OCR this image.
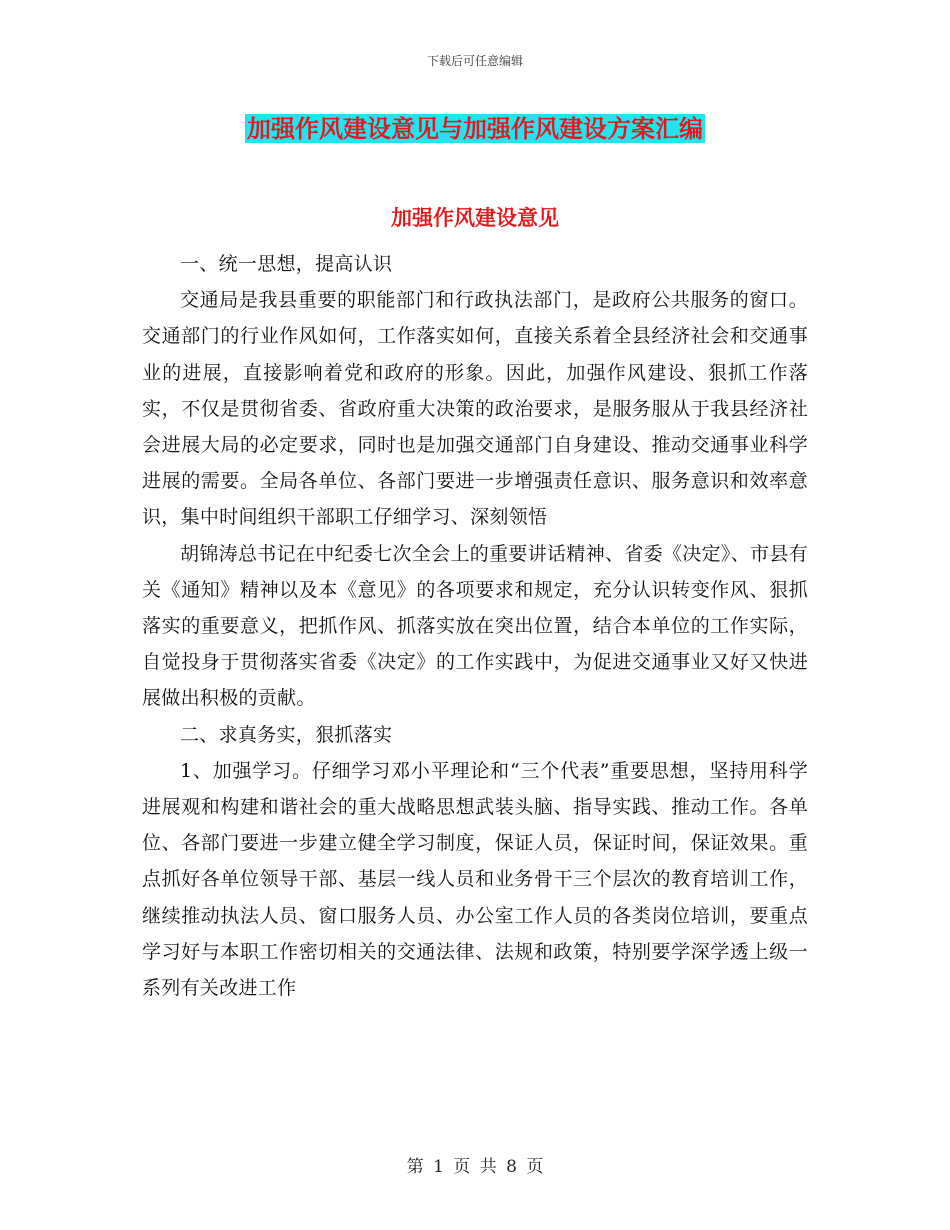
下载后可任意编辑
加强作风建设意见与加强作风建设方案汇编
加强作风建设意见

一、统一思想，提高认识

交通局是我县重要的职能部门和行政执法部门，是政府公共服务的窗口。交通部门的行业作风如何，工作落实如何，直接关系着全县经济社会和交通事业的进展，直接影响着党和政府的形象。因此，加强作风建设、狠抓工作落实，不仅是贯彻省委、省政府重大决策的政治要求，是服务服从于我县经济社会进展大局的必定要求，同时也是加强交通部门自身建设、推动交通事业科学进展的需要。全局各单位、各部门要进一步增强责任意识、服务意识和效率意识，集中时间组织干部职工仔细学习、深刻领悟

胡锦涛总书记在中纪委七次全会上的重要讲话精神、省委《决定》、市县有关《通知》精神以及本《意见》的各项要求和规定，充分认识转变作风、狠抓落实的重要意义，把抓作风、抓落实放在突出位置，结合本单位的工作实际，自觉投身于贯彻落实省委《决定》的工作实践中，为促进交通事业又好又快进展做出积极的贡献。

二、求真务实，狠抓落实

1、加强学习。仔细学习邓小平理论和“三个代表”重要思想，坚持用科学进展观和构建和谐社会的重大战略思想武装头脑、指导实践、推动工作。各单位、各部门要进一步建立健全学习制度，保证人员，保证时间，保证效果。重点抓好各单位领导干部、基层一线人员和业务骨干三个层次的教育培训工作，继续推动执法人员、窗口服务人员、办公室工作人员的各类岗位培训，要重点学习好与本职工作密切相关的交通法律、法规和政策，特别要学深学透上级一系列有关改进工作

第 1 页 共 8 页
